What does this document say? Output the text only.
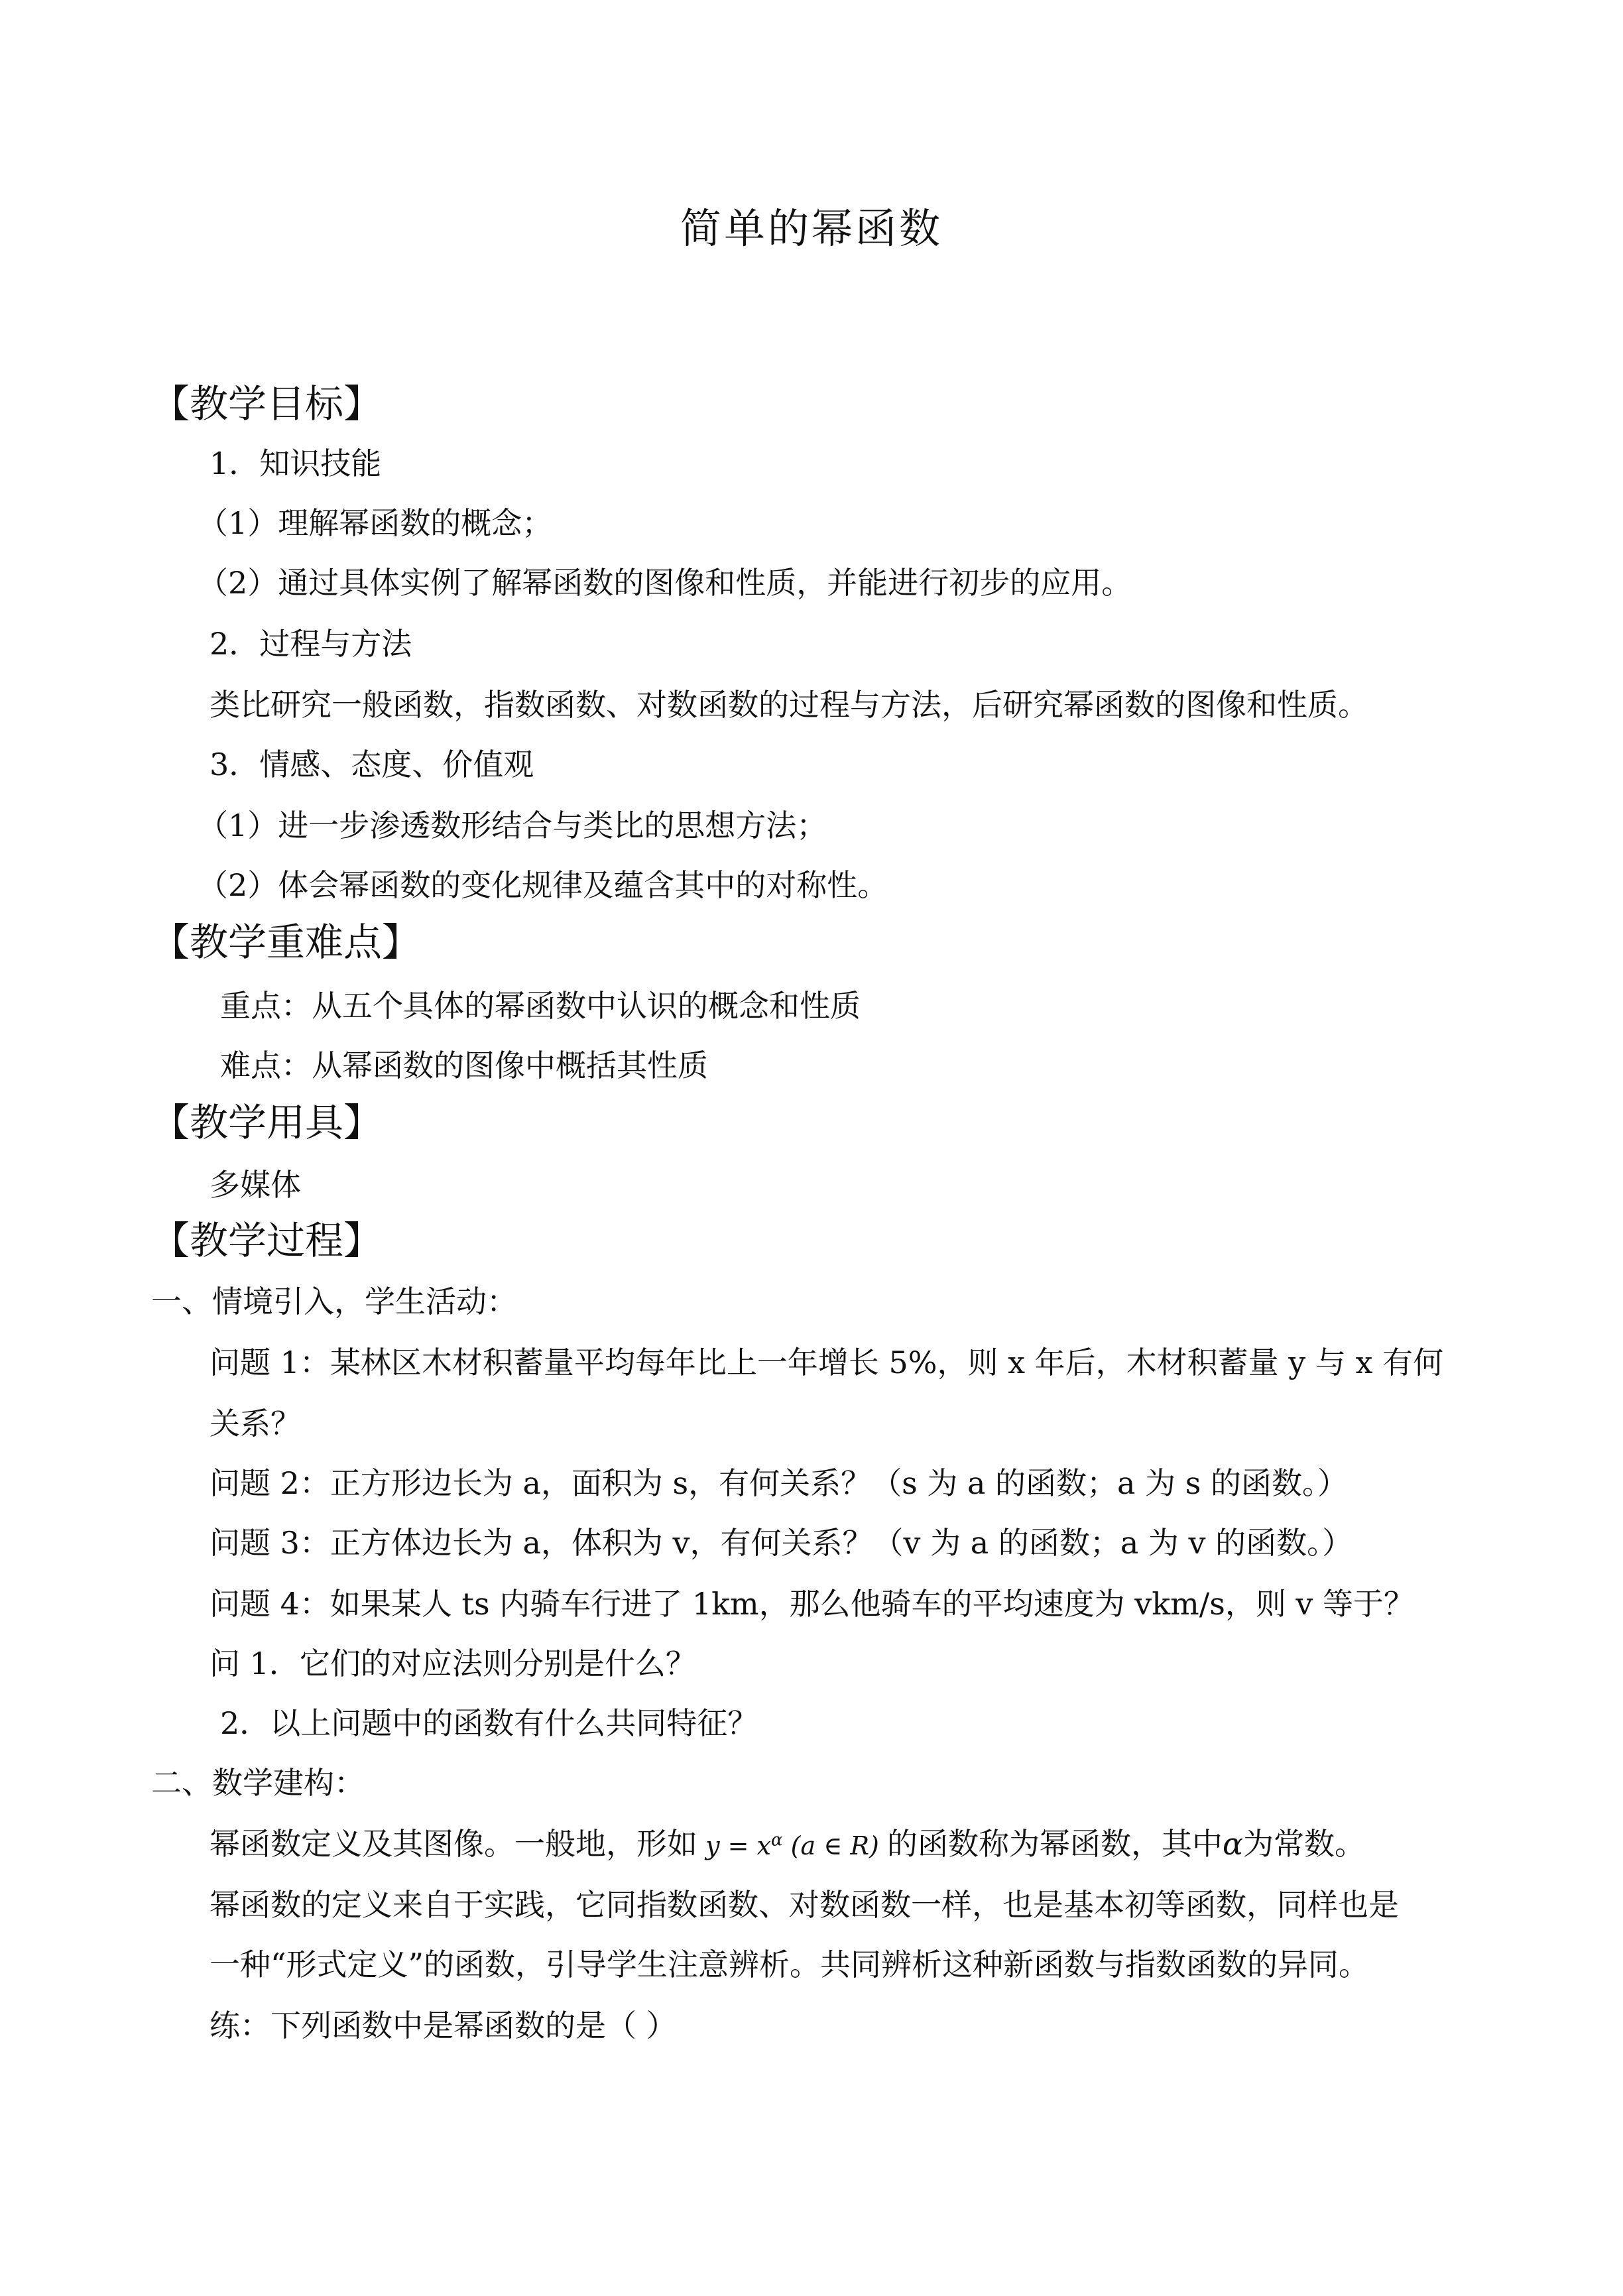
简单的幂函数
【教学目标】
1．知识技能
（1）理解幂函数的概念；
（2）通过具体实例了解幂函数的图像和性质，并能进行初步的应用。
2．过程与方法
类比研究一般函数，指数函数、对数函数的过程与方法，后研究幂函数的图像和性质。
3．情感、态度、价值观
（1）进一步渗透数形结合与类比的思想方法；
（2）体会幂函数的变化规律及蕴含其中的对称性。
【教学重难点】
重点：从五个具体的幂函数中认识的概念和性质
难点：从幂函数的图像中概括其性质
【教学用具】
多媒体
【教学过程】
一、情境引入，学生活动：
问题 1：某林区木材积蓄量平均每年比上一年增长 5%，则 x 年后，木材积蓄量 y 与 x 有何
关系？
问题 2：正方形边长为 a，面积为 s，有何关系？（s 为 a 的函数；a 为 s 的函数。）
问题 3：正方体边长为 a，体积为 v，有何关系？（v 为 a 的函数；a 为 v 的函数。）
问题 4：如果某人 ts 内骑车行进了 1km，那么他骑车的平均速度为 vkm/s，则 v 等于？
问 1．它们的对应法则分别是什么？
2．以上问题中的函数有什么共同特征？
二、数学建构：
幂函数定义及其图像。一般地，形如 $y = x^\alpha$ (a ∈ R) 的函数称为幂函数，其中α为常数。
幂函数的定义来自于实践，它同指数函数、对数函数一样，也是基本初等函数，同样也是
一种“形式定义”的函数，引导学生注意辨析。共同辨析这种新函数与指数函数的异同。
练：下列函数中是幂函数的是（ ）
